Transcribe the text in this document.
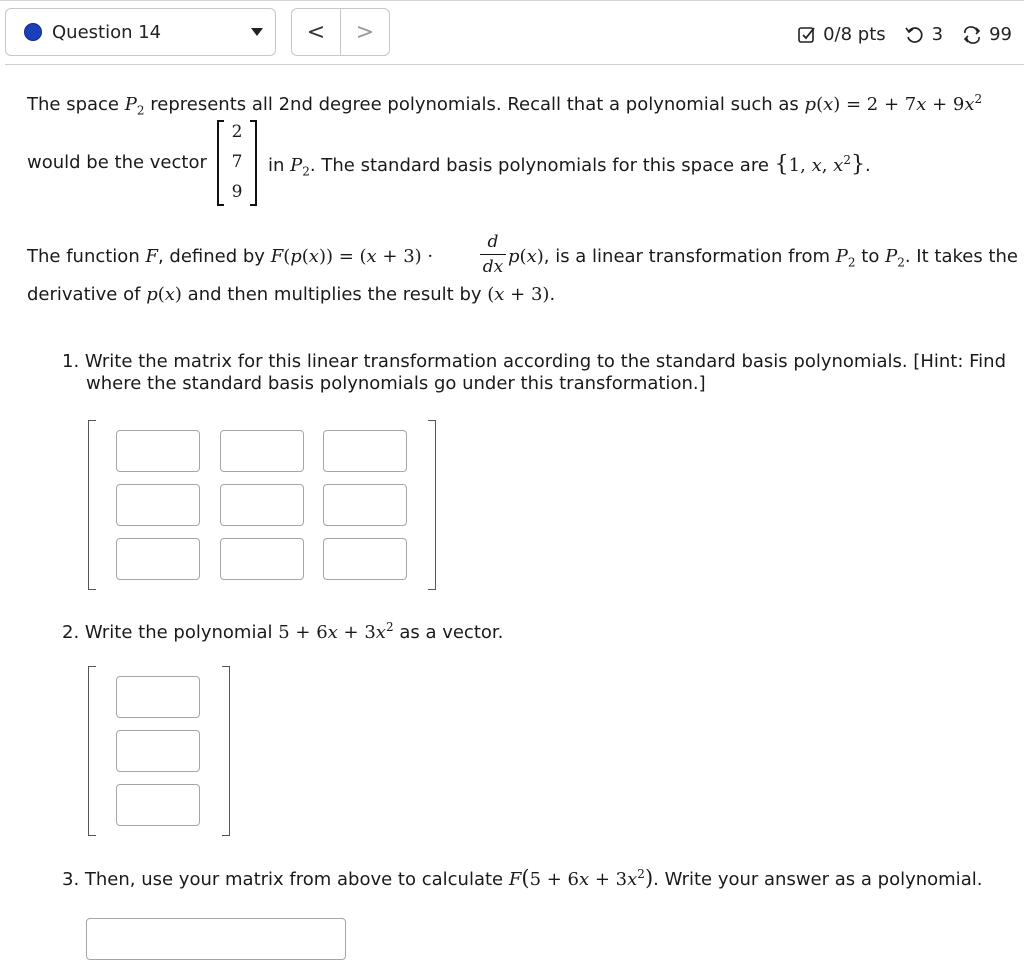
Question 14	<	>	0/8 pts	3	99
The space $P_2$ represents all 2nd degree polynomials. Recall that a polynomial such as $p(x) = 2 + 7x + 9x^2$
would be the vector
2
7
9
in $P_2$. The standard basis polynomials for this space are {1, x, $x^2$}.
The function F, defined by F(p(x)) = (x + 3) ·
d
dx p(x), is a linear transformation from $P_2$ to $P_2$. It takes the
derivative of p(x) and then multiplies the result by (x + 3).
1. Write the matrix for this linear transformation according to the standard basis polynomials. [Hint: Find
where the standard basis polynomials go under this transformation.]
2. Write the polynomial $5 + 6x + 3x^2$ as a vector.
3. Then, use your matrix from above to calculate $F(5 + 6x + 3x^2)$. Write your answer as a polynomial.
